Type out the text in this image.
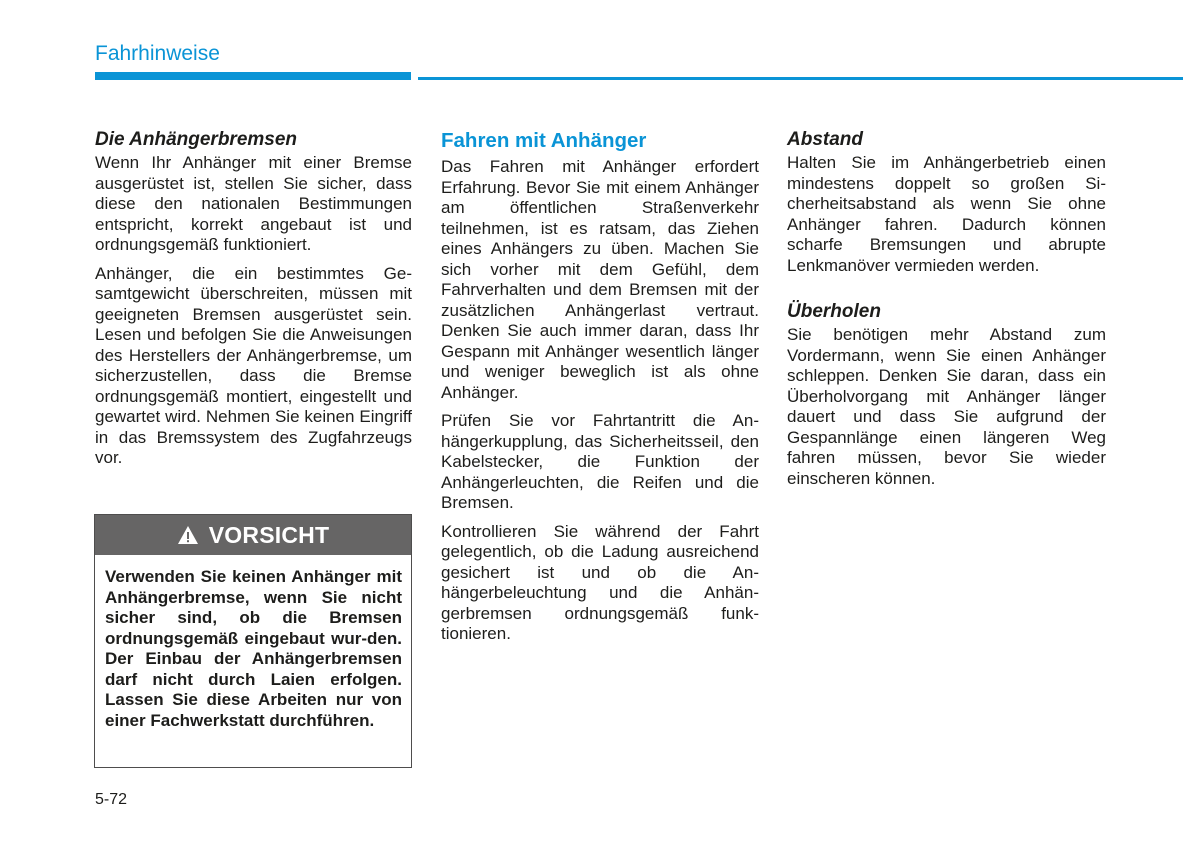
Fahrhinweise
Die Anhängerbremsen

Wenn Ihr Anhänger mit einer Bremse ausgerüstet ist, stellen Sie sicher, dass diese den nationalen Bestimmungen entspricht, korrekt angebaut ist und ordnungsgemäß funktioniert.

Anhänger, die ein bestimmtes Gesamtgewicht überschreiten, müssen mit geeigneten Bremsen ausgerüstet sein. Lesen und befolgen Sie die Anweisungen des Herstellers der Anhängerbremse, um sicherzustellen, dass die Bremse ordnungsgemäß montiert, eingestellt und gewartet wird. Nehmen Sie keinen Eingriff in das Bremssystem des Zugfahrzeugs vor.

VORSICHT

Verwenden Sie keinen Anhänger mit Anhängerbremse, wenn Sie nicht sicher sind, ob die Bremsen ordnungsgemäß eingebaut wur-den. Der Einbau der Anhängerbremsen darf nicht durch Laien erfolgen. Lassen Sie diese Arbeiten nur von einer Fachwerkstatt durchführen.

Fahren mit Anhänger

Das Fahren mit Anhänger erfordert Erfahrung. Bevor Sie mit einem Anhänger am öffentlichen Straßenverkehr teilnehmen, ist es ratsam, das Ziehen eines Anhängers zu üben. Machen Sie sich vorher mit dem Gefühl, dem Fahrverhalten und dem Bremsen mit der zusätzlichen Anhängerlast vertraut. Denken Sie auch immer daran, dass Ihr Gespann mit Anhänger wesentlich länger und weniger beweglich ist als ohne Anhänger.

Prüfen Sie vor Fahrtantritt die Anhängerkupplung, das Sicherheitsseil, den Kabelstecker, die Funktion der Anhängerleuchten, die Reifen und die Bremsen.

Kontrollieren Sie während der Fahrt gelegentlich, ob die Ladung ausreichend gesichert ist und ob die Anhängerbeleuchtung und die Anhängerbremsen ordnungsgemäß funktionieren.

Abstand

Halten Sie im Anhängerbetrieb einen mindestens doppelt so großen Sicherheitsabstand als wenn Sie ohne Anhänger fahren. Dadurch können scharfe Bremsungen und abrupte Lenkmanöver vermieden werden.

Überholen

Sie benötigen mehr Abstand zum Vordermann, wenn Sie einen Anhänger schleppen. Denken Sie daran, dass ein Überholvorgang mit Anhänger länger dauert und dass Sie aufgrund der Gespannlänge einen längeren Weg fahren müssen, bevor Sie wieder einscheren können.

5-72
